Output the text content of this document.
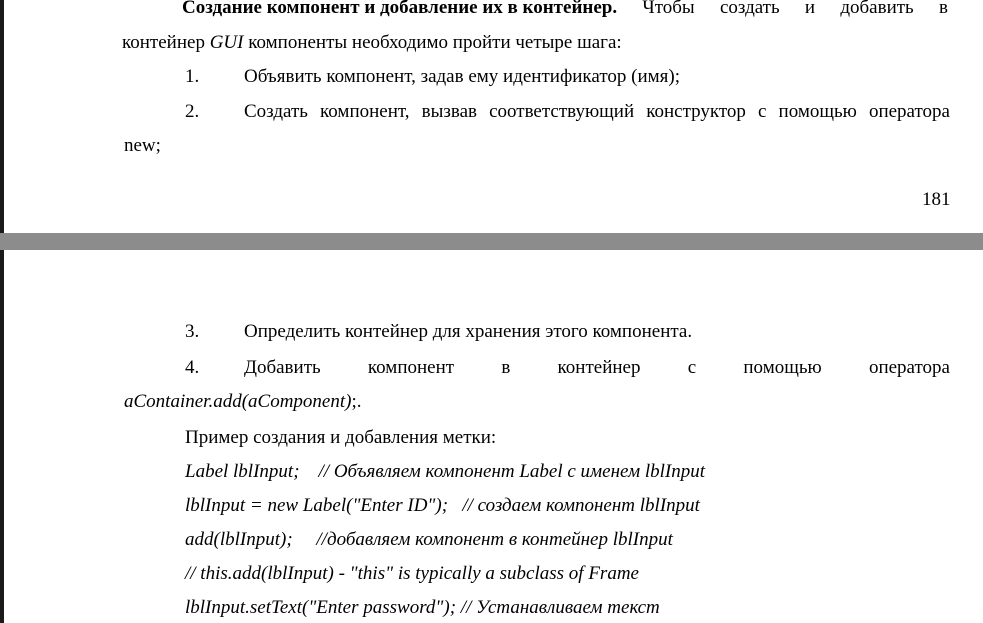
Создание компонент и добавление их в контейнер. Чтобы создать и добавить в
контейнер GUI компоненты необходимо пройти четыре шага:
1. Объявить компонент, задав ему идентификатор (имя);
2. Создать компонент, вызвав соответствующий конструктор с помощью оператора
new;
181
3. Определить контейнер для хранения этого компонента.
4. Добавить компонент в контейнер с помощью оператора
aContainer.add(aComponent);.
Пример создания и добавления метки:
Label lblInput;    // Объявляем компонент Label с именем lblInput
lblInput = new Label("Enter ID");   // создаем компонент lblInput
add(lblInput);     //добавляем компонент в контейнер lblInput
// this.add(lblInput) - "this" is typically a subclass of Frame
lblInput.setText("Enter password"); // Устанавливаем текст
